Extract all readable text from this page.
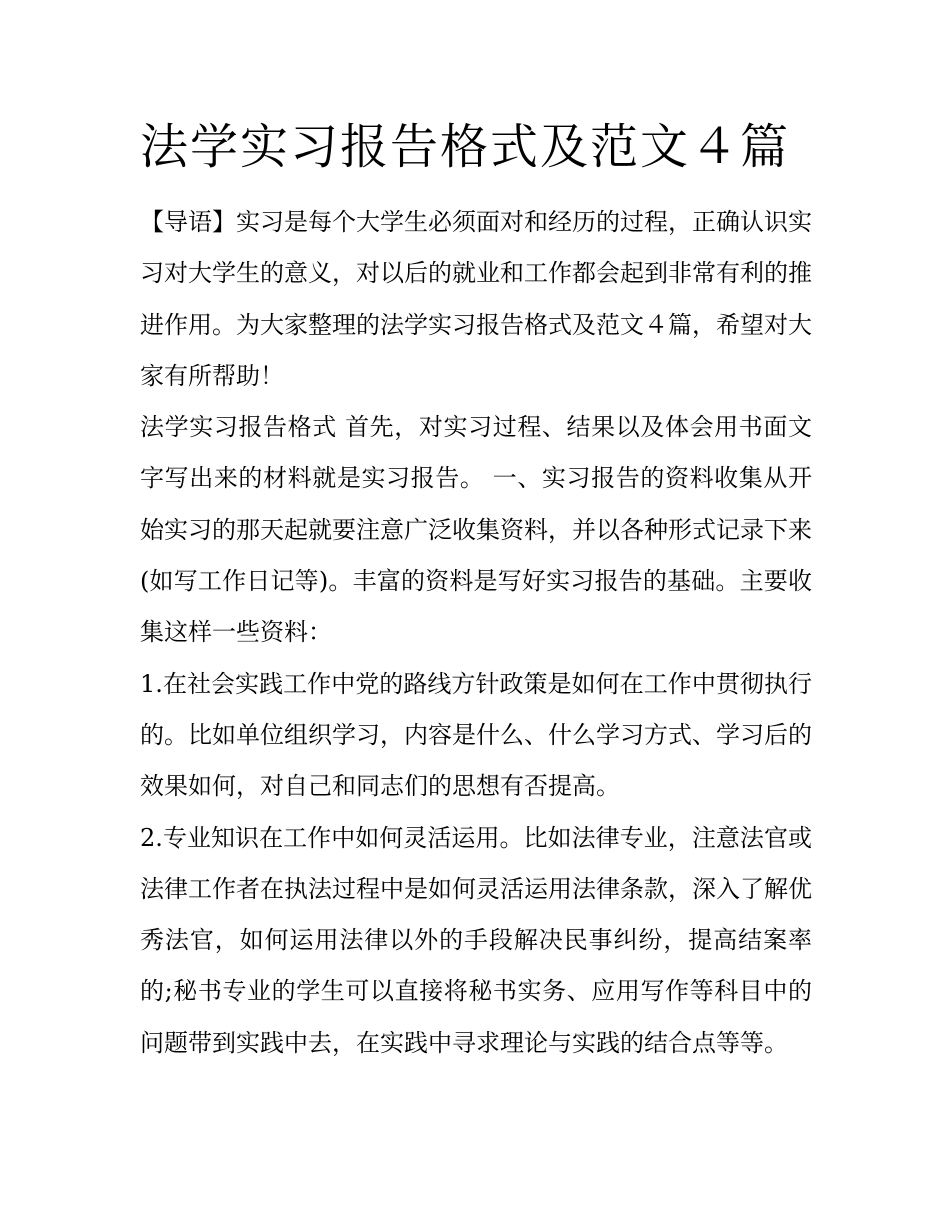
法学实习报告格式及范文４篇

【导语】实习是每个大学生必须面对和经历的过程，正确认识实习对大学生的意义，对以后的就业和工作都会起到非常有利的推进作用。为大家整理的法学实习报告格式及范文４篇，希望对大家有所帮助！

法学实习报告格式 首先，对实习过程、结果以及体会用书面文字写出来的材料就是实习报告。 一、实习报告的资料收集从开始实习的那天起就要注意广泛收集资料，并以各种形式记录下来(如写工作日记等)。丰富的资料是写好实习报告的基础。主要收集这样一些资料：

1.在社会实践工作中党的路线方针政策是如何在工作中贯彻执行的。比如单位组织学习，内容是什么、什么学习方式、学习后的效果如何，对自己和同志们的思想有否提高。

2.专业知识在工作中如何灵活运用。比如法律专业，注意法官或法律工作者在执法过程中是如何灵活运用法律条款，深入了解优秀法官，如何运用法律以外的手段解决民事纠纷，提高结案率的;秘书专业的学生可以直接将秘书实务、应用写作等科目中的问题带到实践中去，在实践中寻求理论与实践的结合点等等。
